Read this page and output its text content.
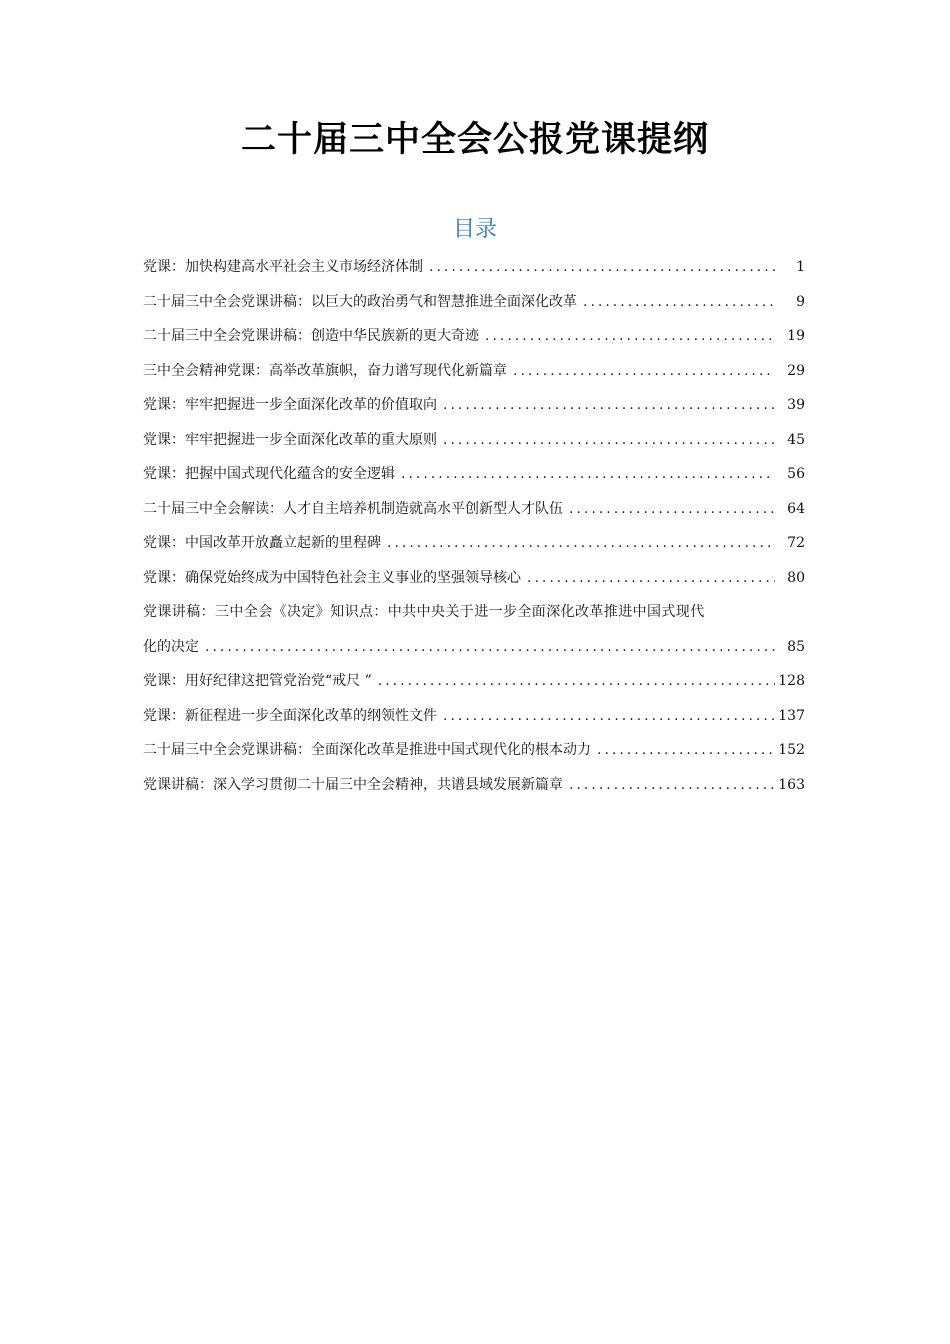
二十届三中全会公报党课提纲
目录
党课：加快构建高水平社会主义市场经济体制 .....	1
二十届三中全会党课讲稿：以巨大的政治勇气和智慧推进全面深化改革 .....	9
二十届三中全会党课讲稿：创造中华民族新的更大奇迹 .....	19
三中全会精神党课：高举改革旗帜，奋力谱写现代化新篇章 .....	29
党课：牢牢把握进一步全面深化改革的价值取向 .....	39
党课：牢牢把握进一步全面深化改革的重大原则 .....	45
党课：把握中国式现代化蕴含的安全逻辑 .....	56
二十届三中全会解读：人才自主培养机制造就高水平创新型人才队伍 .....	64
党课：中国改革开放矗立起新的里程碑 .....	72
党课：确保党始终成为中国特色社会主义事业的坚强领导核心 .....	80
党课讲稿：三中全会《决定》知识点：中共中央关于进一步全面深化改革推进中国式现代
化的决定 .....	85
党课：用好纪律这把管党治党“戒尺 ” .....	128
党课：新征程进一步全面深化改革的纲领性文件 .....	137
二十届三中全会党课讲稿：全面深化改革是推进中国式现代化的根本动力 .....	152
党课讲稿：深入学习贯彻二十届三中全会精神，共谱县域发展新篇章 .....	163
